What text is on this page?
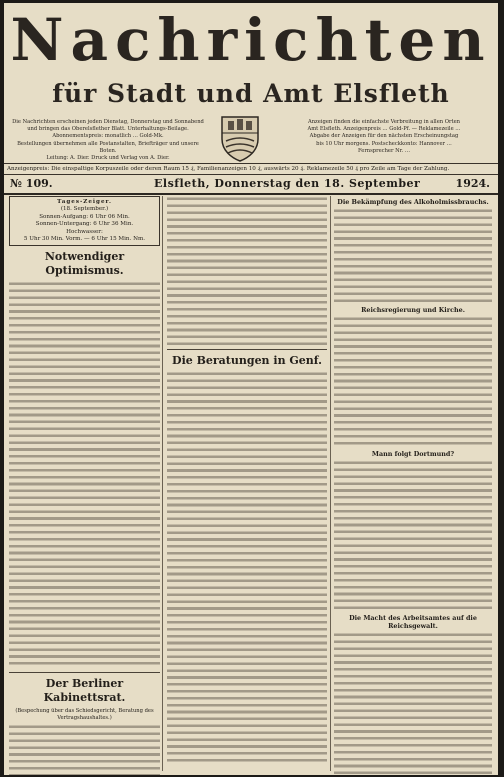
Nachrichten
für Stadt und Amt Elsfleth
Die Nachrichten erscheinen jeden Dienstag, Donnerstag und Sonnabend
und bringen das Oberelsflether Blatt. Unterhaltungs-Beilage.
Abonnementspreis: monatlich … Gold-Mk.
Bestellungen übernehmen alle Postanstalten, Briefträger und unsere Boten.
Leitung: A. Dier. Druck und Verlag von A. Dier.
Anzeigen finden die einfachste Verbreitung in allen Orten
Amt Elsfleth. Anzeigenpreis … Gold-Pf. — Reklamezeile …
Abgabe der Anzeigen für den nächsten Erscheinungstag
bis 10 Uhr morgens. Postscheckkonto: Hannover …
Fernsprecher Nr. …
Anzeigenpreis: Die einspaltige Korpuszeile oder deren Raum 15 ₰, Familienanzeigen 10 ₰, auswärts 20 ₰. Reklamezeile 50 ₰ pro Zeile am Tage der Zahlung.
№ 109.	Elsfleth, Donnerstag den 18. September	1924.
Tages-Zeiger.
(18. September.)
Sonnen-Aufgang: 6 Uhr 06 Min.
Sonnen-Untergang: 6 Uhr 36 Min.
Hochwasser:
5 Uhr 30 Min. Vorm. — 6 Uhr 15 Min. Nm.
Notwendiger Optimismus.
Der Berliner Kabinettsrat.
(Bespechung über das Schiedsgericht, Beratung des Vertragshaushaltes.)
Die Beratungen in Genf.
Die Bekämpfung des Alkoholmissbrauchs.
Reichsregierung und Kirche.
Mann folgt Dortmund?
Die Macht des Arbeitsamtes auf die Reichsgewalt.
